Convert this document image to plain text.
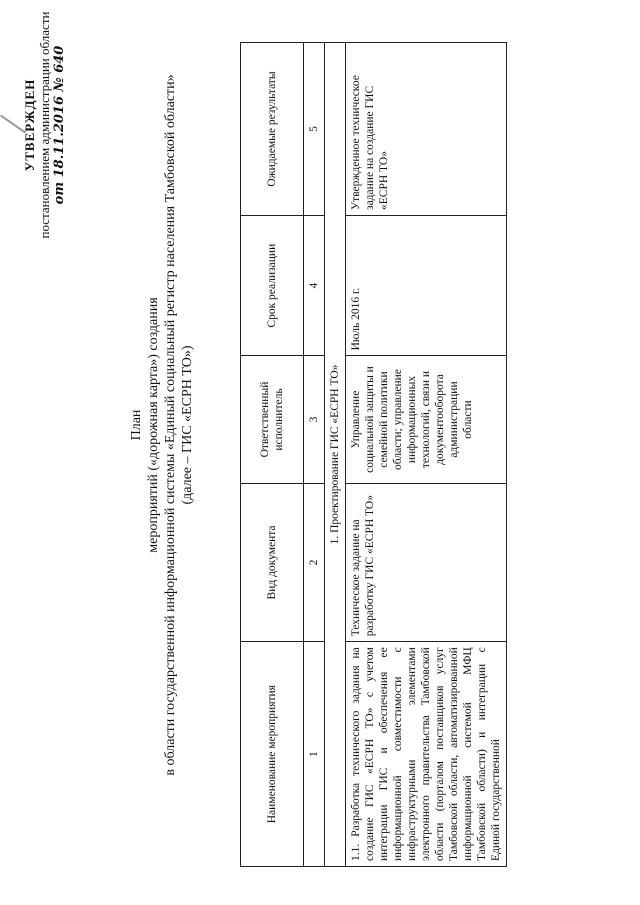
УТВЕРЖДЕН постановлением администрации области от 18.11.2016 № 640
План мероприятий («дорожная карта») создания в области государственной информационной системы «Единый социальный регистр населения Тамбовской области» (далее – ГИС «ЕСРН ТО»)
Наименование мероприятия	Вид документа	Ответственный исполнитель	Срок реализации	Ожидаемые результаты
1	2	3	4	5
1. Проектирование ГИС «ЕСРН ТО»				
1.1. Разработка технического задания на создание ГИС «ЕСРН ТО» с учетом интеграции ГИС и обеспечения ее информационной совместимости с инфраструктурными элементами электронного правительства Тамбовской области (порталом поставщиков услуг Тамбовской области, автоматизированной информационной системой МФЦ Тамбовской области) и интеграции с Единой государственной	Техническое задание на разработку ГИС «ЕСРН ТО»	Управление социальной защиты и семейной политики области; управление информационных технологий, связи и документооборота администрации области	Июль 2016 г.	Утвержденное техническое задание на создание ГИС «ЕСРН ТО»
